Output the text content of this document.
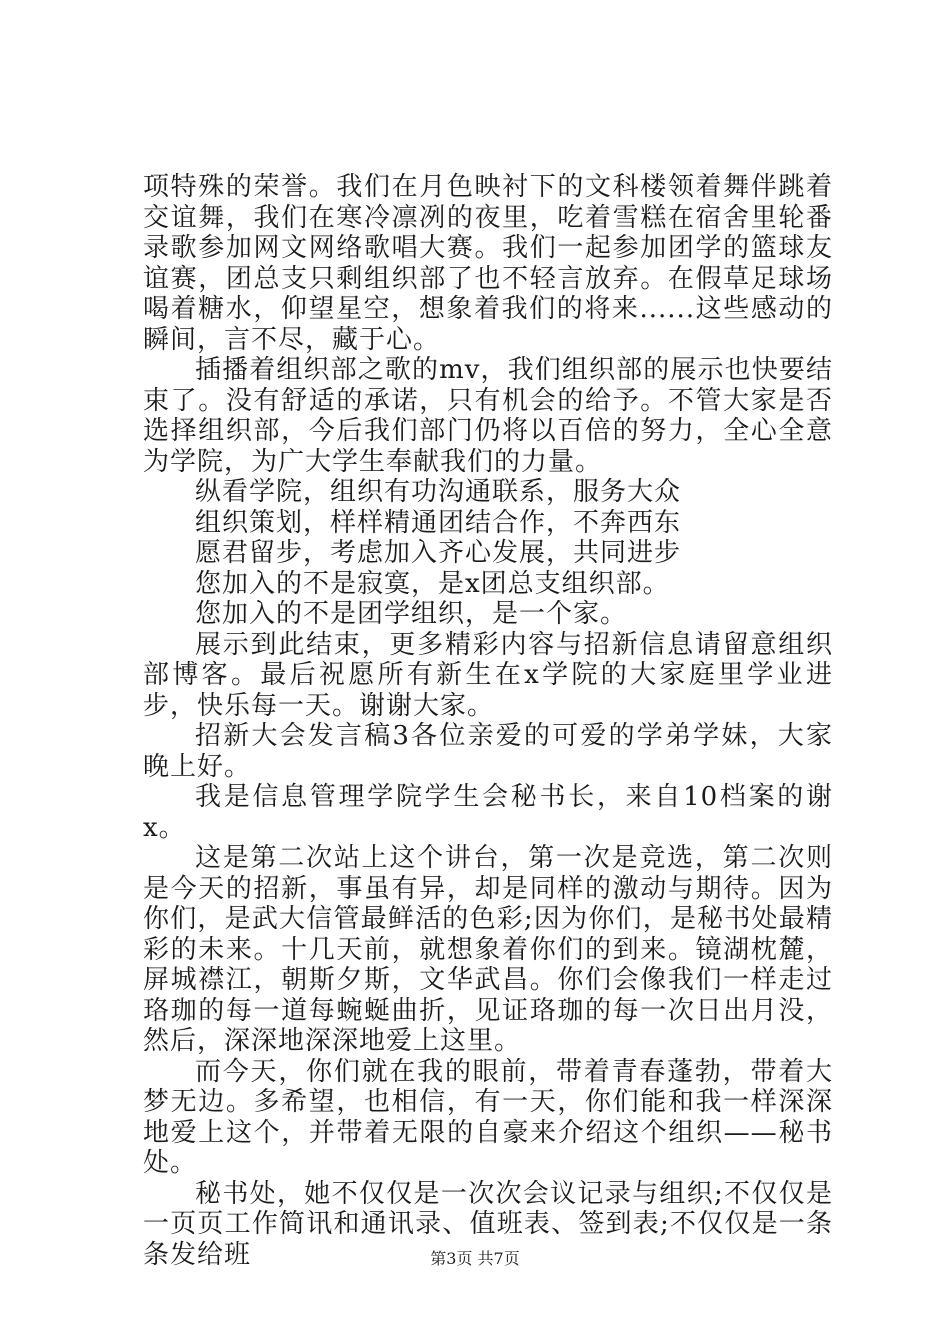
项特殊的荣誉。我们在月色映衬下的文科楼领着舞伴跳着交谊舞，我们在寒冷凛冽的夜里，吃着雪糕在宿舍里轮番录歌参加网文网络歌唱大赛。我们一起参加团学的篮球友谊赛，团总支只剩组织部了也不轻言放弃。在假草足球场喝着糖水，仰望星空，想象着我们的将来......这些感动的瞬间，言不尽，藏于心。

插播着组织部之歌的mv，我们组织部的展示也快要结束了。没有舒适的承诺，只有机会的给予。不管大家是否选择组织部，今后我们部门仍将以百倍的努力，全心全意为学院，为广大学生奉献我们的力量。

纵看学院，组织有功沟通联系，服务大众

组织策划，样样精通团结合作，不奔西东

愿君留步，考虑加入齐心发展，共同进步

您加入的不是寂寞，是x团总支组织部。

您加入的不是团学组织，是一个家。

展示到此结束，更多精彩内容与招新信息请留意组织部博客。最后祝愿所有新生在x学院的大家庭里学业进步，快乐每一天。谢谢大家。

招新大会发言稿3各位亲爱的可爱的学弟学妹，大家晚上好。

我是信息管理学院学生会秘书长，来自10档案的谢x。

这是第二次站上这个讲台，第一次是竞选，第二次则是今天的招新，事虽有异，却是同样的激动与期待。因为你们，是武大信管最鲜活的色彩;因为你们，是秘书处最精彩的未来。十几天前，就想象着你们的到来。镜湖枕麓，屏城襟江，朝斯夕斯，文华武昌。你们会像我们一样走过珞珈的每一道每蜿蜒曲折，见证珞珈的每一次日出月没，然后，深深地深深地爱上这里。

而今天，你们就在我的眼前，带着青春蓬勃，带着大梦无边。多希望，也相信，有一天，你们能和我一样深深地爱上这个，并带着无限的自豪来介绍这个组织——秘书处。

秘书处，她不仅仅是一次次会议记录与组织;不仅仅是一页页工作简讯和通讯录、值班表、签到表;不仅仅是一条条发给班	第3页 共7页
